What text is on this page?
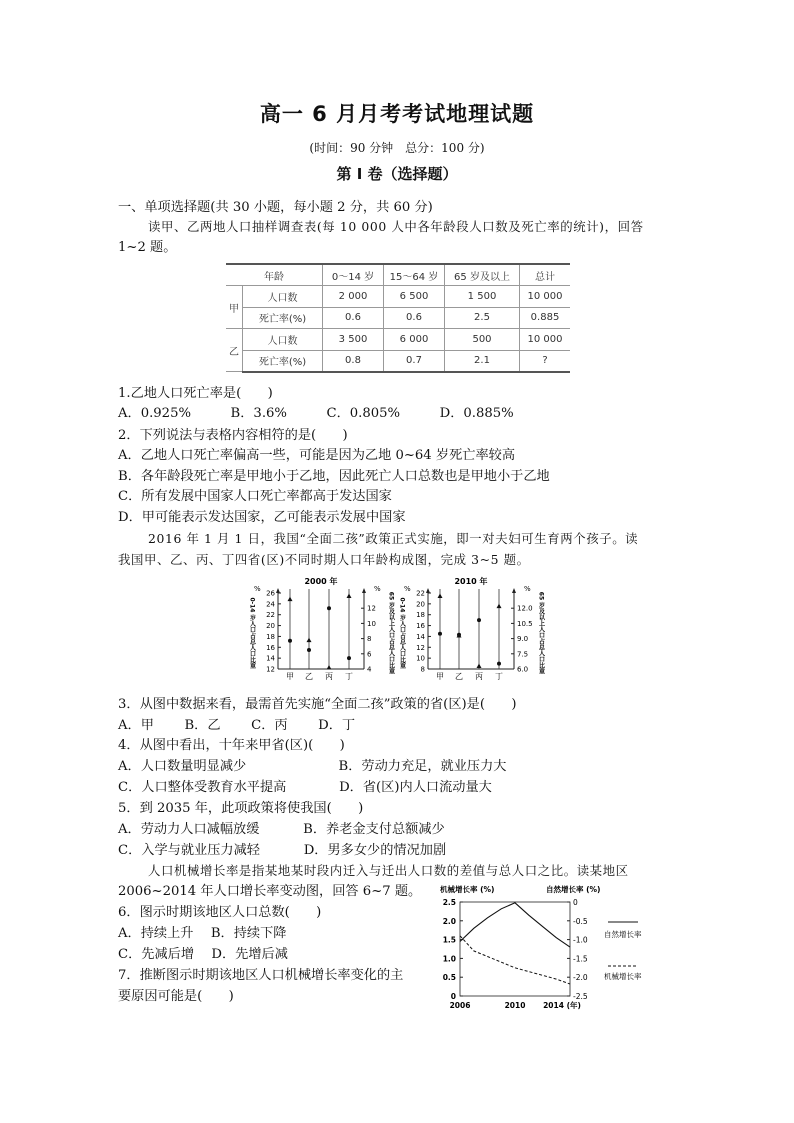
高一 6 月月考考试地理试题
(时间：90 分钟　总分：100 分)
第 I 卷（选择题）
一、单项选择题(共 30 小题，每小题 2 分，共 60 分)
读甲、乙两地人口抽样调查表(每 10 000 人中各年龄段人口数及死亡率的统计)，回答
1~2 题。
年龄		0～14 岁	15～64 岁	65 岁及以上	总计
甲	人口数	2 000	6 500	1 500	10 000
	死亡率(%)	0.6	0.6	2.5	0.885
乙	人口数	3 500	6 000	500	10 000
	死亡率(%)	0.8	0.7	2.1	?
1.乙地人口死亡率是(　　)
A．0.925%　　　B．3.6%　　　C．0.805%　　　D．0.885%
2．下列说法与表格内容相符的是(　　)
A．乙地人口死亡率偏高一些，可能是因为乙地 0~64 岁死亡率较高
B．各年龄段死亡率是甲地小于乙地，因此死亡人口总数也是甲地小于乙地
C．所有发展中国家人口死亡率都高于发达国家
D．甲可能表示发达国家，乙可能表示发展中国家
2016 年 1 月 1 日，我国“全面二孩”政策正式实施，即一对夫妇可生育两个孩子。读
我国甲、乙、丙、丁四省(区)不同时期人口年龄构成图，完成 3~5 题。
2000 年
%	%
0-14 岁人口占总人口比重	65 岁及以上人口占总人口比重
12
14
16
18
20
22
24
26
4
6
8
10
12
甲 乙 丙 丁
2010 年
%	%
0-14 岁人口占总人口比重	65 岁及以上人口占总人口比重
8
10
12
14
16
18
20
22
6.0
7.5
9.0
10.5
12.0
甲 乙 丙 丁
3．从图中数据来看，最需首先实施“全面二孩”政策的省(区)是(　　)
A．甲　　 B．乙　　 C．丙　　 D．丁
4．从图中看出，十年来甲省(区)(　　)
A．人口数量明显减少　　　　　　　B．劳动力充足，就业压力大
C．人口整体受教育水平提高　　　　D．省(区)内人口流动量大
5．到 2035 年，此项政策将使我国(　　)
A．劳动力人口减幅放缓　　　 B．养老金支付总额减少
C．入学与就业压力减轻　　　 D．男多女少的情况加剧
人口机械增长率是指某地某时段内迁入与迁出人口数的差值与总人口之比。读某地区
2006~2014 年人口增长率变动图，回答 6~7 题。
6．图示时期该地区人口总数(　　)
A．持续上升　 B．持续下降
C．先减后增　 D．先增后减
7．推断图示时期该地区人口机械增长率变化的主
要原因可能是(　　)
机械增长率 (%)	自然增长率 (%)
0
0.5
1.0
1.5
2.0
2.5	0
-0.5
-1.0
-1.5
-2.0
-2.5
2006	2010 2014 (年)
自然增长率
机械增长率
